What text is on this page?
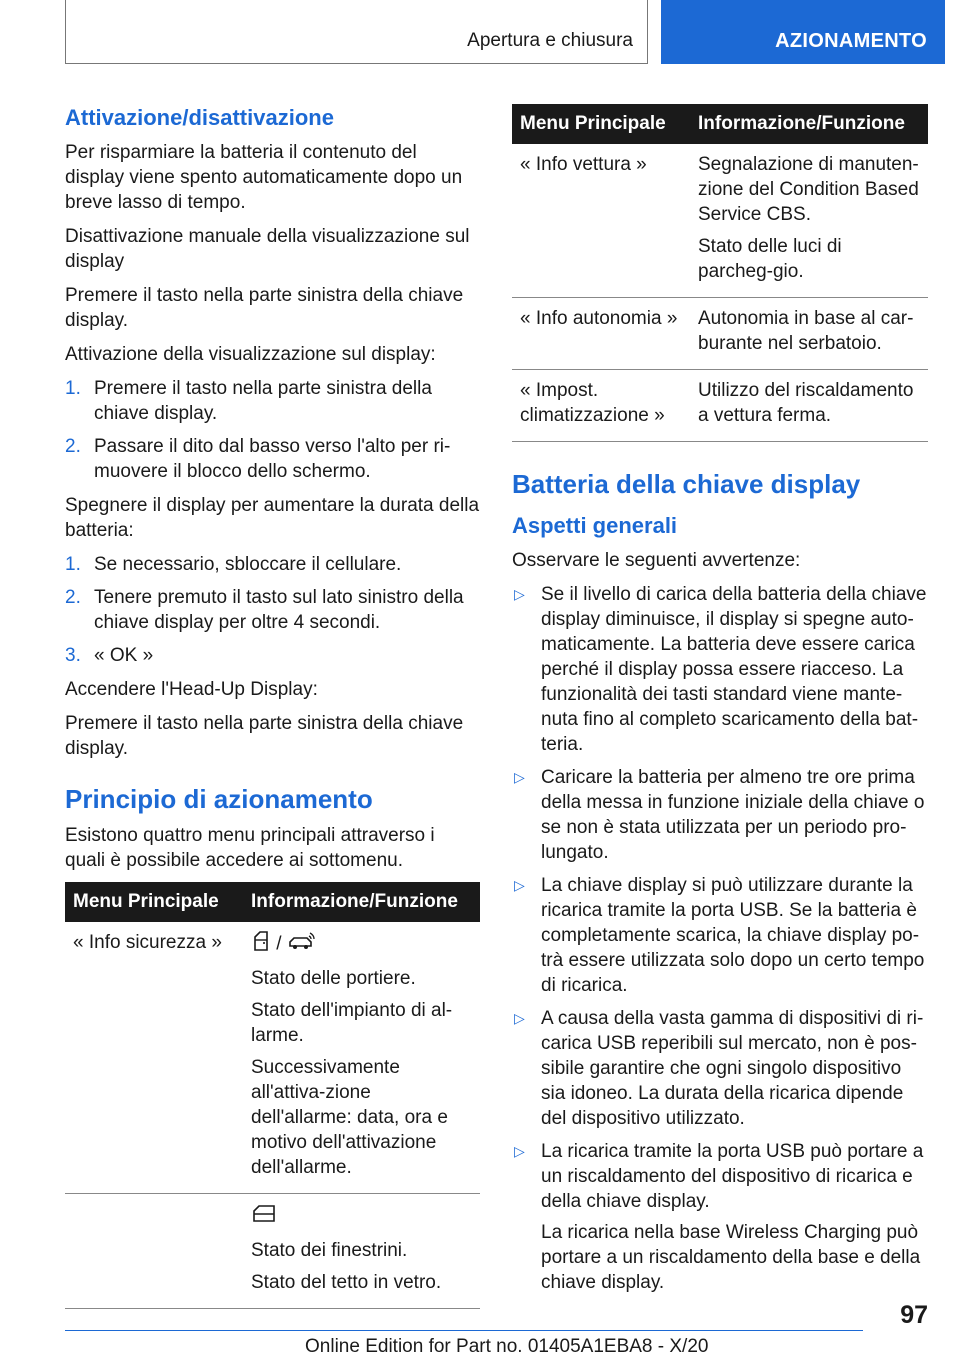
Apertura e chiusura	AZIONAMENTO
Attivazione/disattivazione

Per risparmiare la batteria il contenuto del display viene spento automaticamente dopo un breve lasso di tempo.

Disattivazione manuale della visualizzazione sul display

Premere il tasto nella parte sinistra della chiave display.

Attivazione della visualizzazione sul display:

1. Premere il tasto nella parte sinistra della chiave display.
2. Passare il dito dal basso verso l'alto per ri-muovere il blocco dello schermo.

Spegnere il display per aumentare la durata della batteria:

1. Se necessario, sbloccare il cellulare.
2. Tenere premuto il tasto sul lato sinistro della chiave display per oltre 4 secondi.
3. « OK »

Accendere l'Head-Up Display:

Premere il tasto nella parte sinistra della chiave display.

Principio di azionamento

Esistono quattro menu principali attraverso i quali è possibile accedere ai sottomenu.

Menu Principale	Informazione/Funzione
« Info sicurezza »	/

Stato delle portiere.

Stato dell'impianto di al-larme.

Successivamente all'attiva-zione dell'allarme: data, ora e motivo dell'attivazione dell'allarme.

	Stato dei finestrini.

Stato del tetto in vetro.

Menu Principale	Informazione/Funzione
« Info vettura »	Segnalazione di manuten-zione del Condition Based Service CBS.

Stato delle luci di parcheg-gio.

« Info autonomia »	Autonomia in base al car-burante nel serbatoio.

« Impost. climatizzazione »	Utilizzo del riscaldamento a vettura ferma.

Batteria della chiave display
Aspetti generali

Osservare le seguenti avvertenze:

▷ Se il livello di carica della batteria della chiave display diminuisce, il display si spegne auto-maticamente. La batteria deve essere carica perché il display possa essere riacceso. La funzionalità dei tasti standard viene mante-nuta fino al completo scaricamento della bat-teria.
▷ Caricare la batteria per almeno tre ore prima della messa in funzione iniziale della chiave o se non è stata utilizzata per un periodo pro-lungato.
▷ La chiave display si può utilizzare durante la ricarica tramite la porta USB. Se la batteria è completamente scarica, la chiave display po-trà essere utilizzata solo dopo un certo tempo di ricarica.
▷ A causa della vasta gamma di dispositivi di ri-carica USB reperibili sul mercato, non è pos-sibile garantire che ogni singolo dispositivo sia idoneo. La durata della ricarica dipende del dispositivo utilizzato.
▷ La ricarica tramite la porta USB può portare a un riscaldamento del dispositivo di ricarica e della chiave display.

La ricarica nella base Wireless Charging può portare a un riscaldamento della base e della chiave display.

97
Online Edition for Part no. 01405A1EBA8 - X/20
